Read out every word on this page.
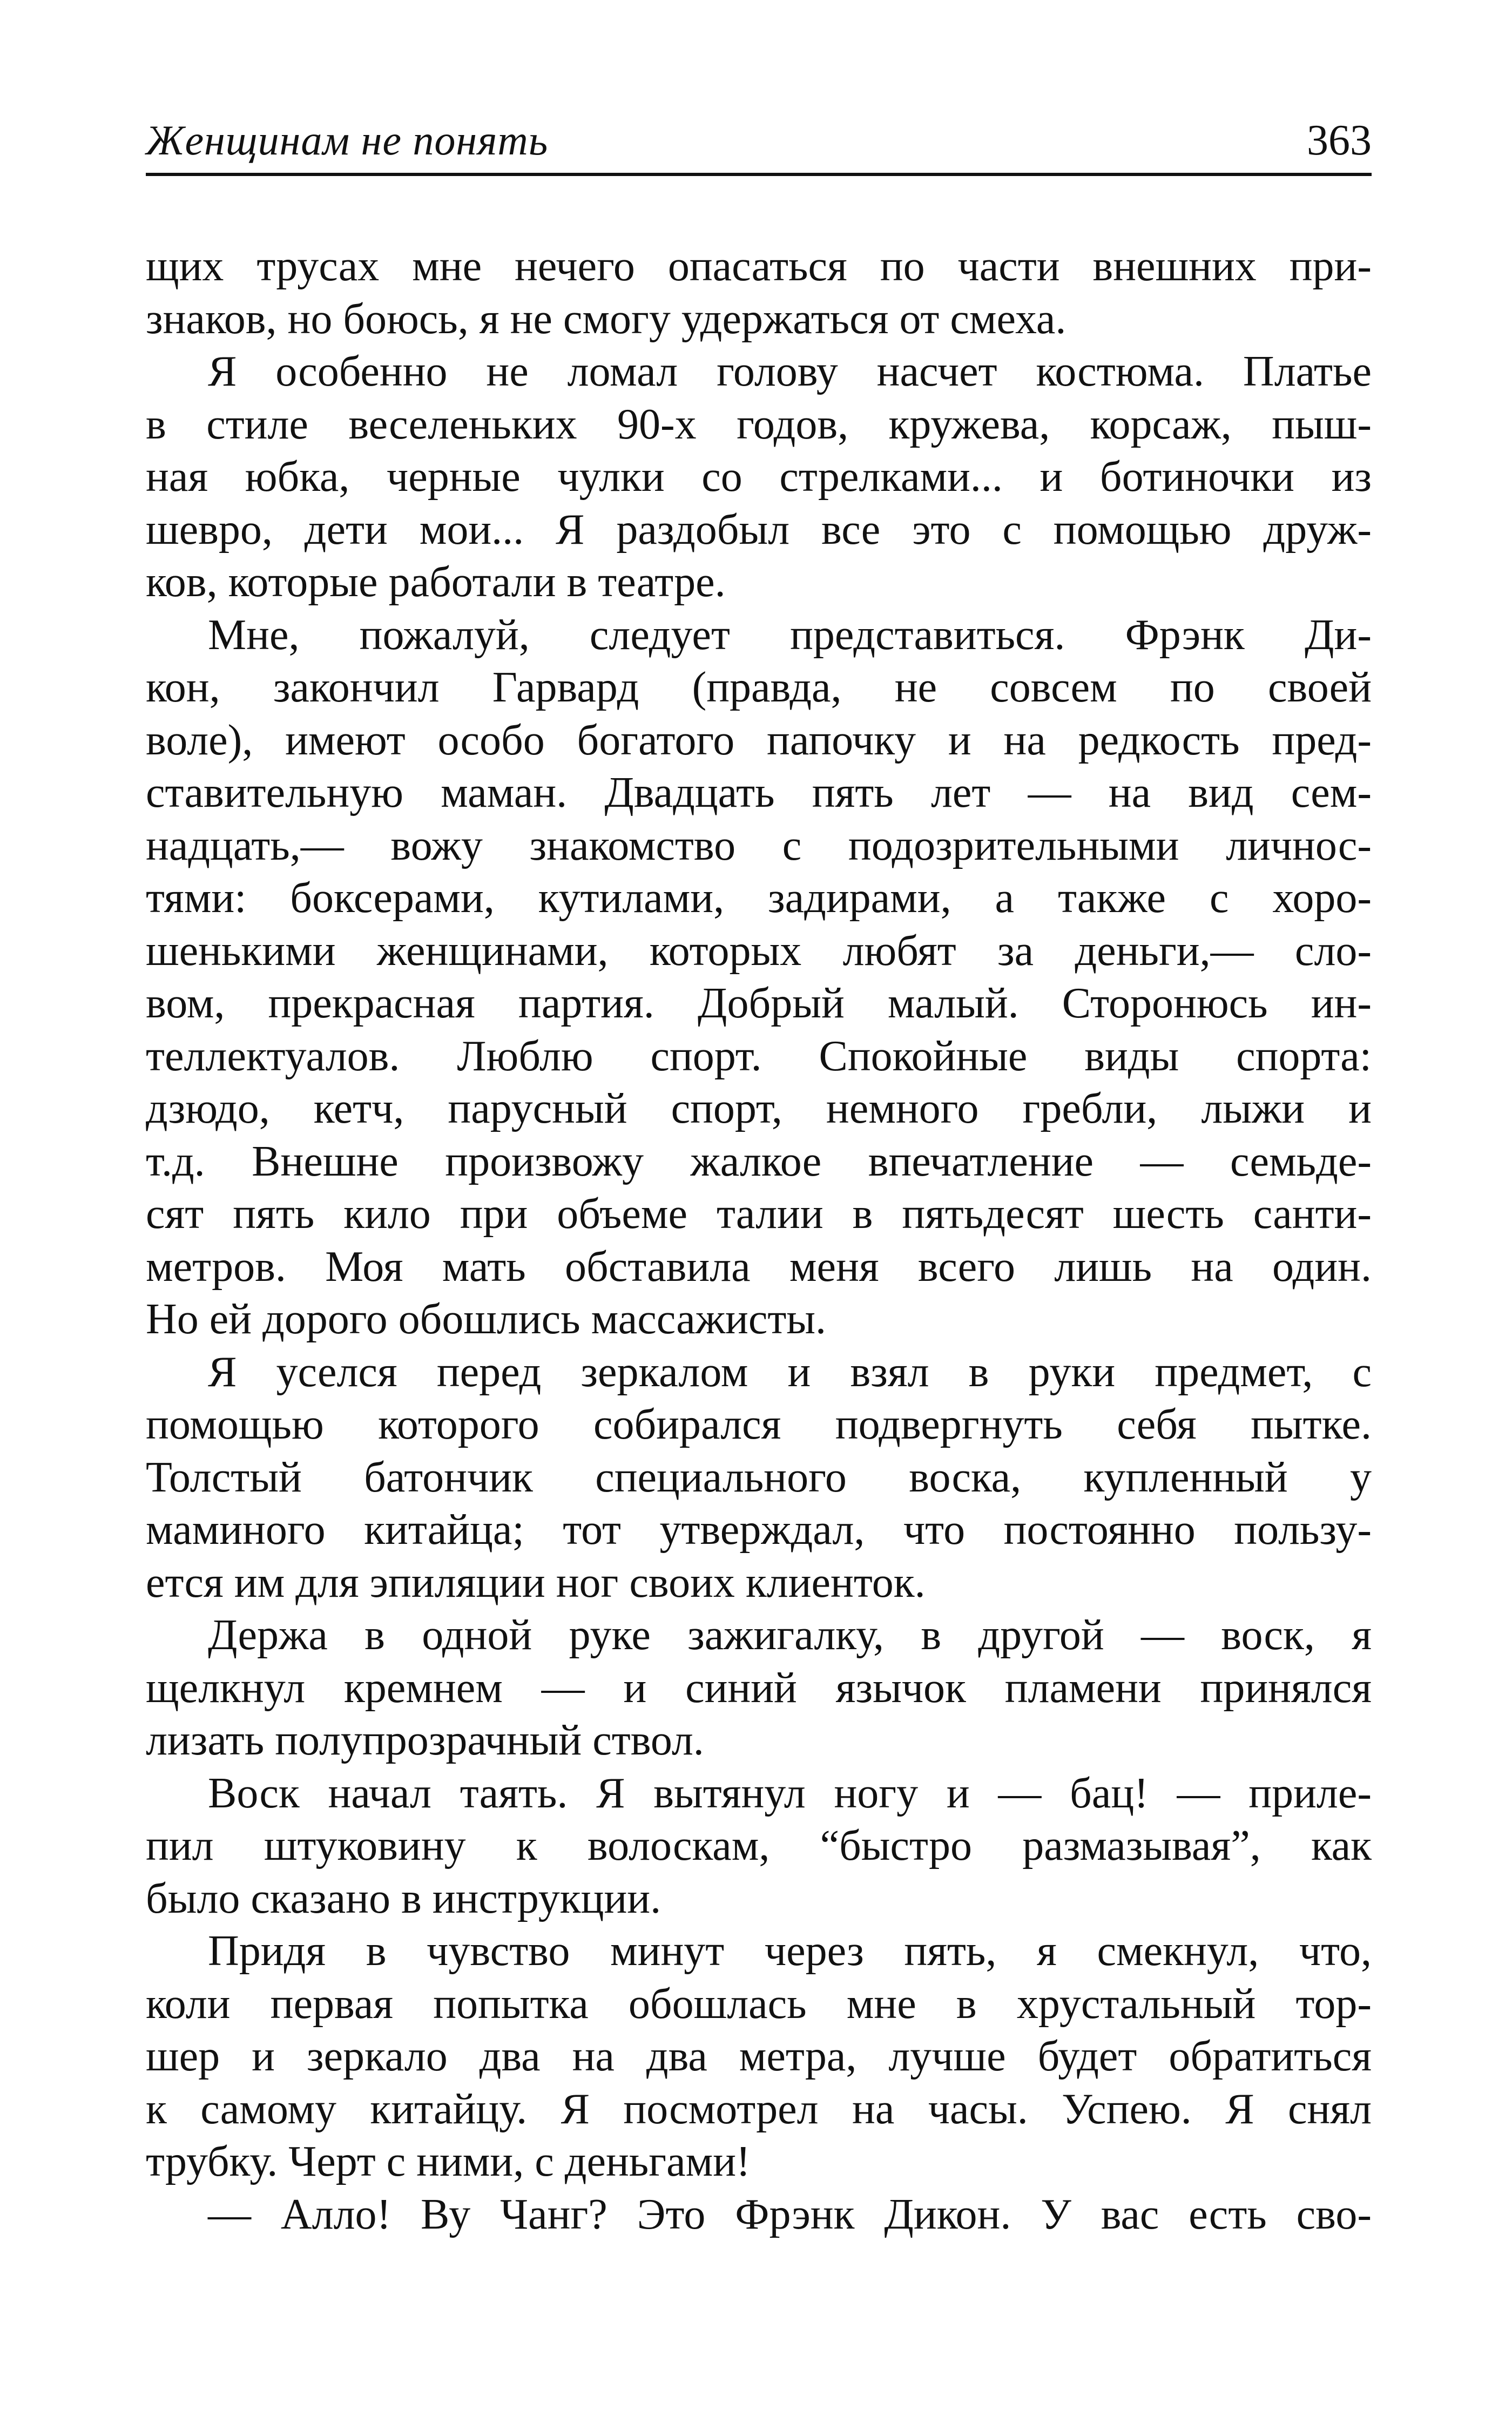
Женщинам не понять	363
щих трусах мне нечего опасаться по части внешних при-
знаков, но боюсь, я не смогу удержаться от смеха.
Я особенно не ломал голову насчет костюма. Платье
в стиле веселеньких 90-х годов, кружева, корсаж, пыш-
ная юбка, черные чулки со стрелками... и ботиночки из
шевро, дети мои... Я раздобыл все это с помощью друж-
ков, которые работали в театре.
Мне, пожалуй, следует представиться. Фрэнк Ди-
кон, закончил Гарвард (правда, не совсем по своей
воле), имеют особо богатого папочку и на редкость пред-
ставительную маман. Двадцать пять лет — на вид сем-
надцать,— вожу знакомство с подозрительными личнос-
тями: боксерами, кутилами, задирами, а также с хоро-
шенькими женщинами, которых любят за деньги,— сло-
вом, прекрасная партия. Добрый малый. Сторонюсь ин-
теллектуалов. Люблю спорт. Спокойные виды спорта:
дзюдо, кетч, парусный спорт, немного гребли, лыжи и
т.д. Внешне произвожу жалкое впечатление — семьде-
сят пять кило при объеме талии в пятьдесят шесть санти-
метров. Моя мать обставила меня всего лишь на один.
Но ей дорого обошлись массажисты.
Я уселся перед зеркалом и взял в руки предмет, с
помощью которого собирался подвергнуть себя пытке.
Толстый батончик специального воска, купленный у
маминого китайца; тот утверждал, что постоянно пользу-
ется им для эпиляции ног своих клиенток.
Держа в одной руке зажигалку, в другой — воск, я
щелкнул кремнем — и синий язычок пламени принялся
лизать полупрозрачный ствол.
Воск начал таять. Я вытянул ногу и — бац! — приле-
пил штуковину к волоскам, “быстро размазывая”, как
было сказано в инструкции.
Придя в чувство минут через пять, я смекнул, что,
коли первая попытка обошлась мне в хрустальный тор-
шер и зеркало два на два метра, лучше будет обратиться
к самому китайцу. Я посмотрел на часы. Успею. Я снял
трубку. Черт с ними, с деньгами!
— Алло! Ву Чанг? Это Фрэнк Дикон. У вас есть сво-
